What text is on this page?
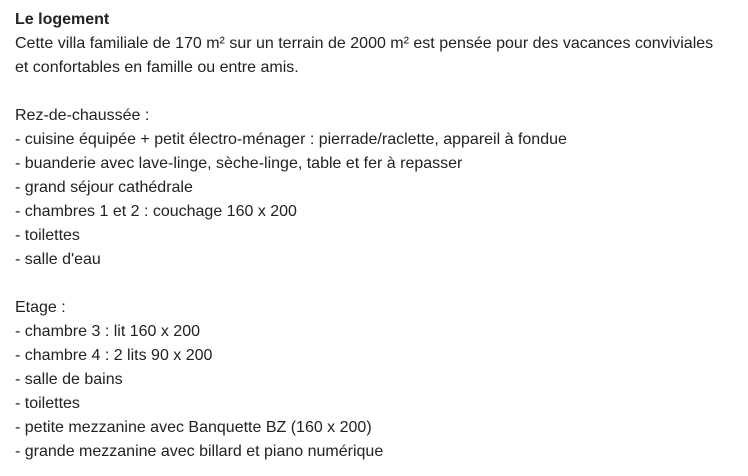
Le logement

Cette villa familiale de 170 m² sur un terrain de 2000 m² est pensée pour des vacances conviviales

et confortables en famille ou entre amis.

Rez-de-chaussée :

- cuisine équipée + petit électro-ménager : pierrade/raclette, appareil à fondue

- buanderie avec lave-linge, sèche-linge, table et fer à repasser

- grand séjour cathédrale

- chambres 1 et 2 : couchage 160 x 200

- toilettes

- salle d'eau

Etage :

- chambre 3 : lit 160 x 200

- chambre 4 : 2 lits 90 x 200

- salle de bains

- toilettes

- petite mezzanine avec Banquette BZ (160 x 200)

- grande mezzanine avec billard et piano numérique
